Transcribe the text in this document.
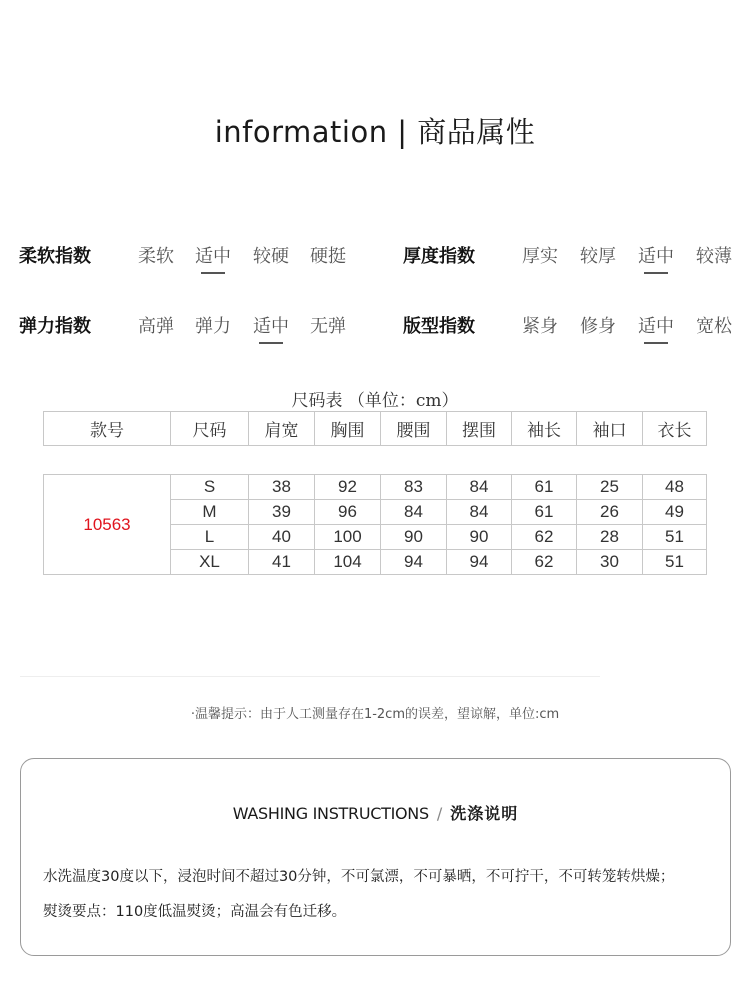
information | 商品属性
柔软指数	柔软 适中 较硬 硬挺	厚度指数	厚实 较厚 适中 较薄
弹力指数	高弹 弹力 适中 无弹	版型指数	紧身 修身 适中 宽松
尺码表 （单位：cm）
款号	尺码	肩宽	胸围	腰围	摆围	袖长	袖口	衣长
10563	S	38	92	83	84	61	25	48
	M	39	96	84	84	61	26	49
	L	40	100	90	90	62	28	51
	XL	41	104	94	94	62	30	51
·温馨提示：由于人工测量存在1-2cm的误差，望谅解，单位:cm
WASHING INSTRUCTIONS / 洗涤说明
水洗温度30度以下，浸泡时间不超过30分钟，不可氯漂，不可暴晒，不可拧干，不可转笼转烘燥；
熨烫要点：110度低温熨烫；高温会有色迁移。
